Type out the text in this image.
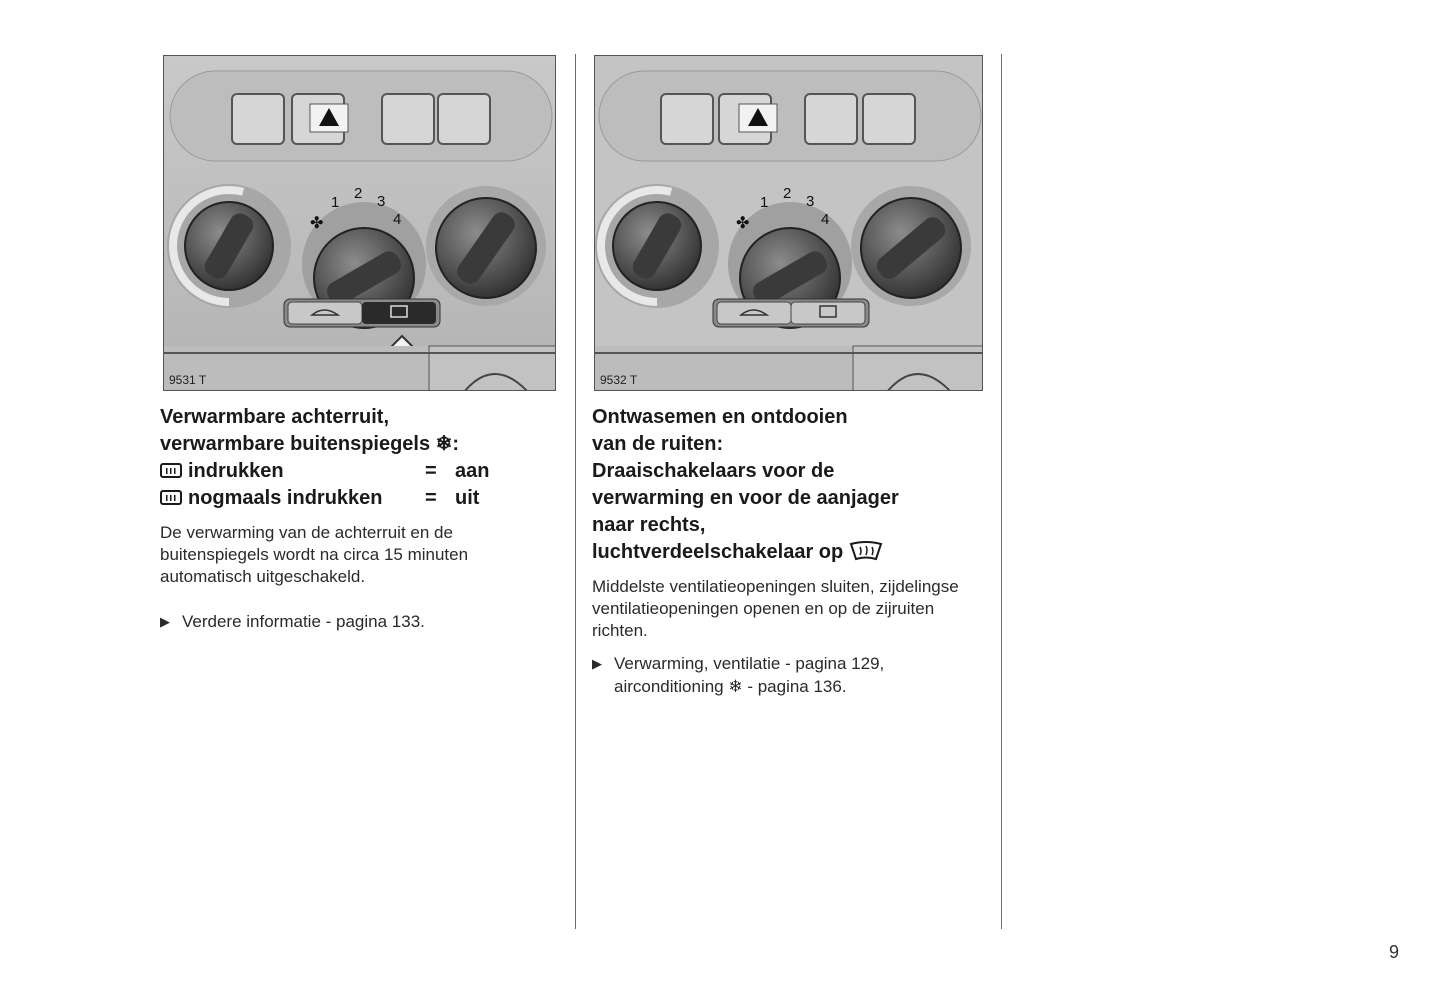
1
2 3
4
✤
9531 T
1
2 3
4
✤
9532 T

Verwarmbare achterruit,
verwarmbare buitenspiegels ❄:

indrukken	= aan
nogmaals indrukken	= uit

De verwarming van de achterruit en de buitenspiegels wordt na circa 15 minuten automatisch uitgeschakeld.

▶ Verdere informatie - pagina 133.

Ontwasemen en ontdooien
van de ruiten:
Draaischakelaars voor de
verwarming en voor de aanjager
naar rechts,
luchtverdeelschakelaar op

Middelste ventilatieopeningen sluiten, zijdelingse ventilatieopeningen openen en op de zijruiten richten.

▶ Verwarming, ventilatie - pagina 129,
airconditioning ❄ - pagina 136.
9
